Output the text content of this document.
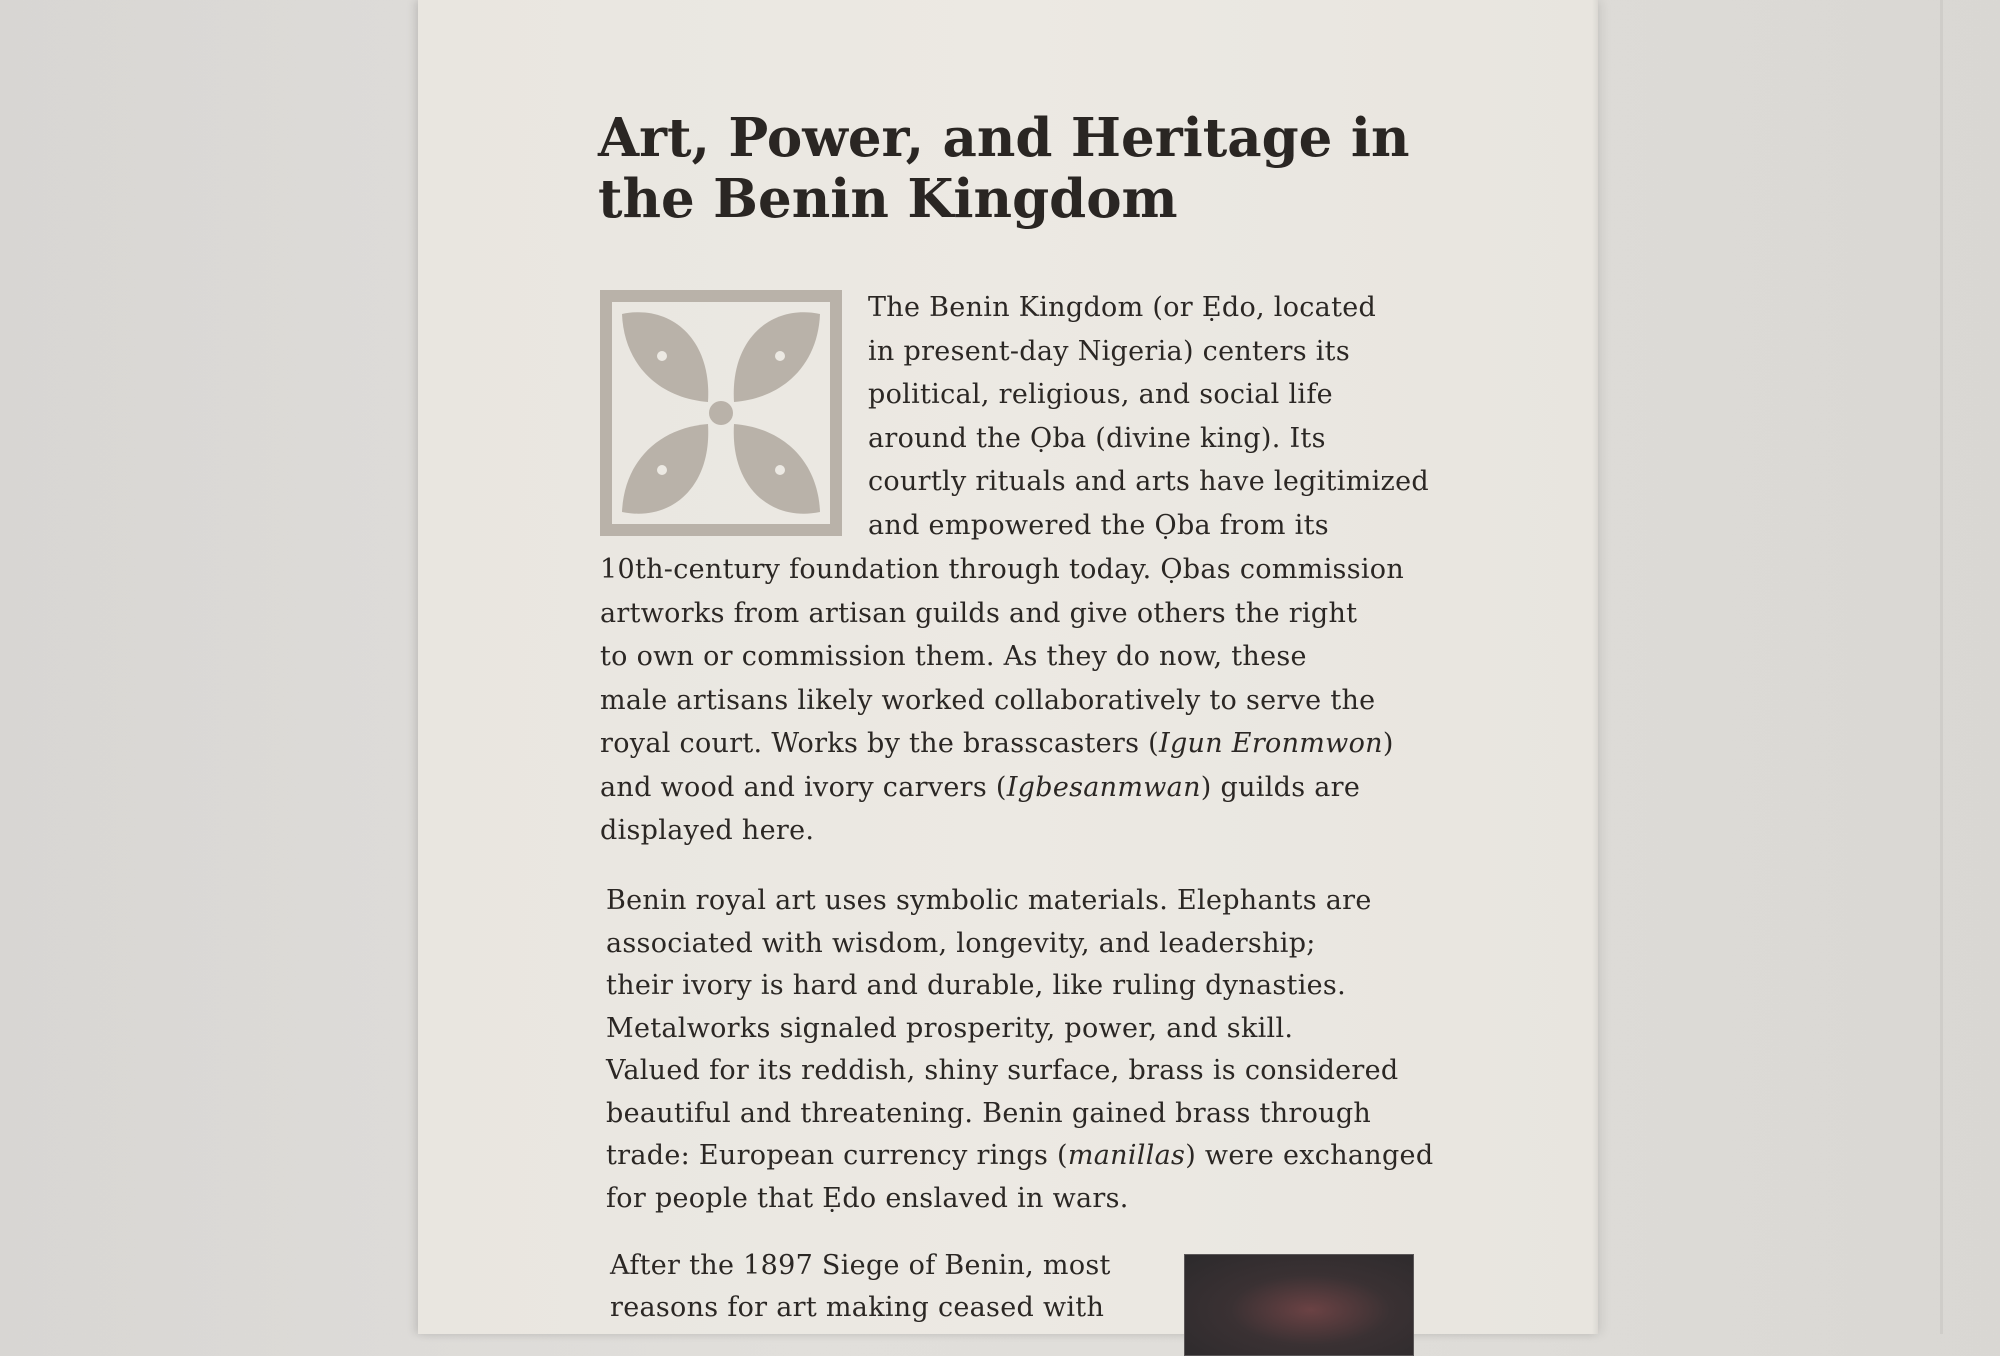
Art, Power, and Heritage in the Benin Kingdom
The Benin Kingdom (or Ẹdo, located
in present-day Nigeria) centers its
political, religious, and social life
around the Ọba (divine king). Its
courtly rituals and arts have legitimized
and empowered the Ọba from its
10th-century foundation through today. Ọbas commission
artworks from artisan guilds and give others the right
to own or commission them. As they do now, these
male artisans likely worked collaboratively to serve the
royal court. Works by the brasscasters (Igun Eronmwon)
and wood and ivory carvers (Igbesanmwan) guilds are
displayed here.
Benin royal art uses symbolic materials. Elephants are
associated with wisdom, longevity, and leadership;
their ivory is hard and durable, like ruling dynasties.
Metalworks signaled prosperity, power, and skill.
Valued for its reddish, shiny surface, brass is considered
beautiful and threatening. Benin gained brass through
trade: European currency rings (manillas) were exchanged
for people that Ẹdo enslaved in wars.
After the 1897 Siege of Benin, most
reasons for art making ceased with
